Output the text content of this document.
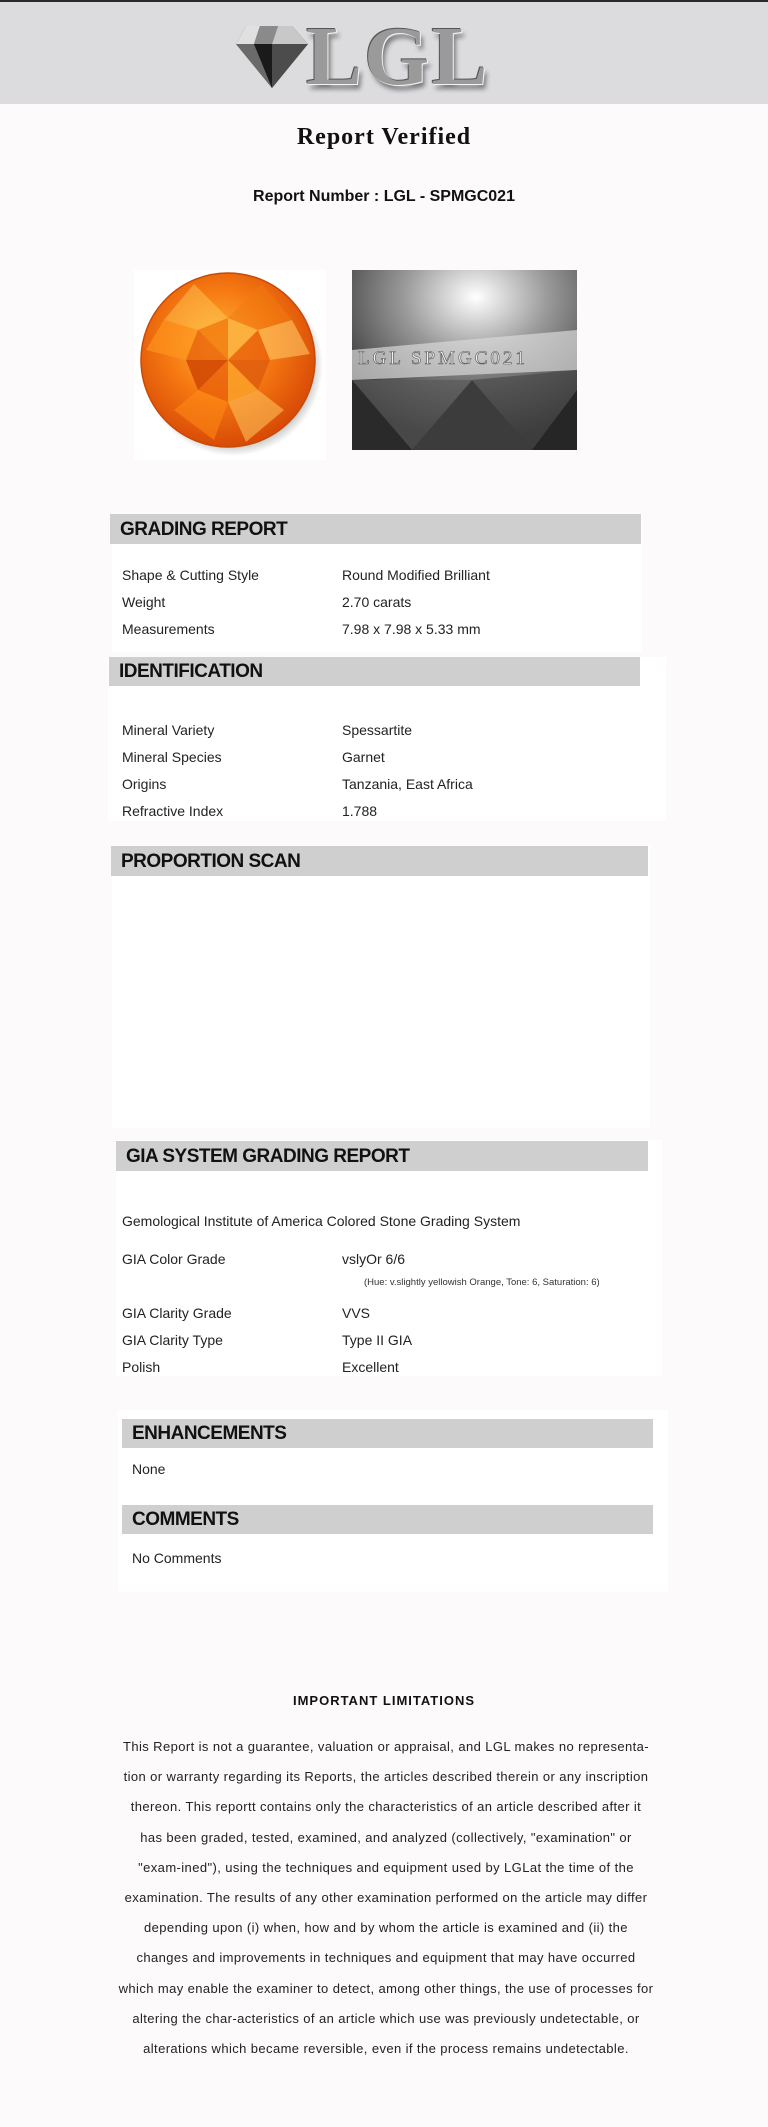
LGL
Report Verified
Report Number : LGL - SPMGC021
LGL SPMGC021
GRADING REPORT
Shape & Cutting Style	Round Modified Brilliant
Weight	2.70 carats
Measurements	7.98 x 7.98 x 5.33 mm
IDENTIFICATION
Mineral Variety	Spessartite
Mineral Species	Garnet
Origins	Tanzania, East Africa
Refractive Index	1.788
PROPORTION SCAN
GIA SYSTEM GRADING REPORT
Gemological Institute of America Colored Stone Grading System
GIA Color Grade	vslyOr 6/6
(Hue: v.slightly yellowish Orange, Tone: 6, Saturation: 6)
GIA Clarity Grade	VVS
GIA Clarity Type	Type II GIA
Polish	Excellent
ENHANCEMENTS
None
COMMENTS
No Comments
IMPORTANT LIMITATIONS
This Report is not a guarantee, valuation or appraisal, and LGL makes no representa-tion or warranty regarding its Reports, the articles described therein or any inscription thereon. This reportt contains only the characteristics of an article described after it has been graded, tested, examined, and analyzed (collectively, "examination" or "exam-ined"), using the techniques and equipment used by LGLat the time of the examination. The results of any other examination performed on the article may differ depending upon (i) when, how and by whom the article is examined and (ii) the changes and improvements in techniques and equipment that may have occurred which may enable the examiner to detect, among other things, the use of processes for altering the char-acteristics of an article which use was previously undetectable, or alterations which became reversible, even if the process remains undetectable.
